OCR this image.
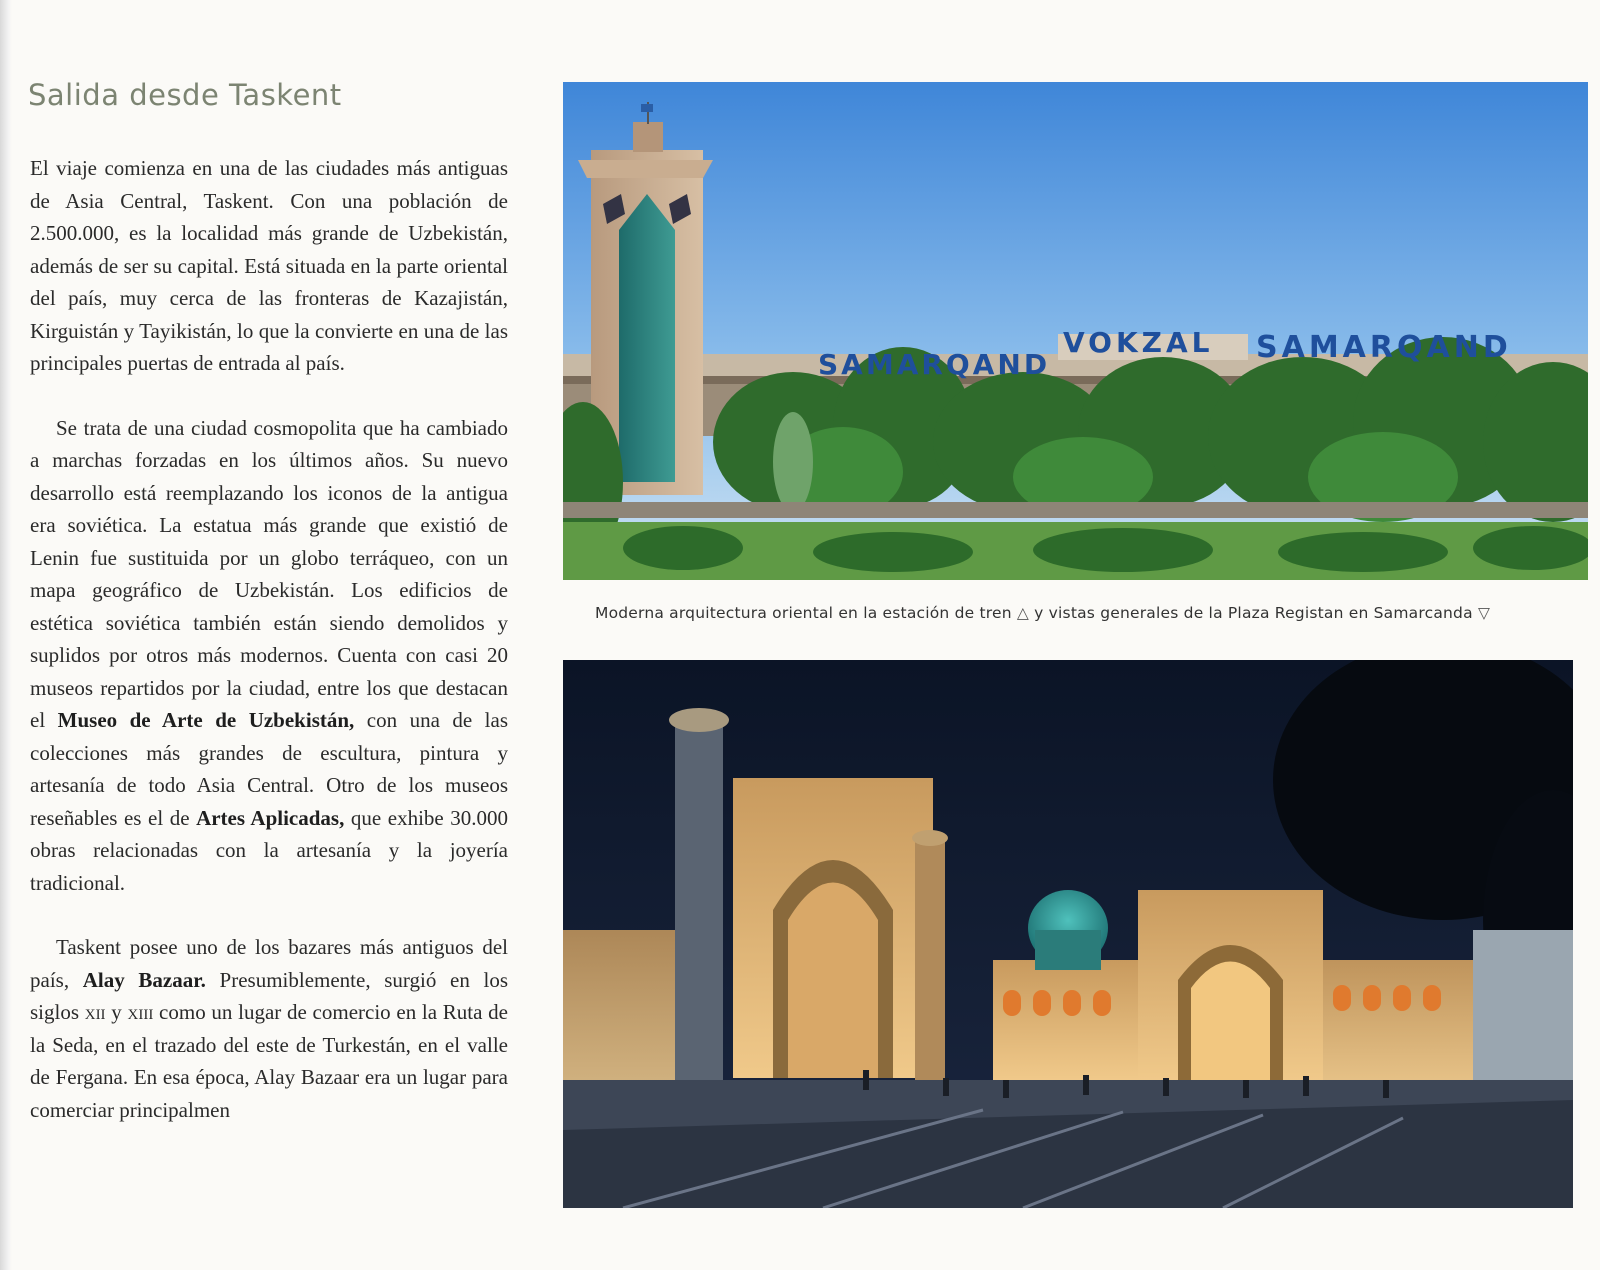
Salida desde Taskent

El viaje comienza en una de las ciudades más antiguas de Asia Central, Taskent. Con una población de 2.500.000, es la localidad más grande de Uzbekistán, además de ser su capital. Está situada en la parte oriental del país, muy cerca de las fronteras de Kazajistán, Kirguistán y Tayikistán, lo que la convierte en una de las principales puertas de entrada al país.

Se trata de una ciudad cosmopolita que ha cambiado a marchas forzadas en los últimos años. Su nuevo desarrollo está reemplazando los iconos de la antigua era soviética. La estatua más grande que existió de Lenin fue sustituida por un globo terráqueo, con un mapa geográfico de Uzbekistán. Los edificios de estética soviética también están siendo demolidos y suplidos por otros más modernos. Cuenta con casi 20 museos repartidos por la ciudad, entre los que destacan el Museo de Arte de Uzbekistán, con una de las colecciones más grandes de escultura, pintura y artesanía de todo Asia Central. Otro de los museos reseñables es el de Artes Aplicadas, que exhibe 30.000 obras relacionadas con la artesanía y la joyería tradicional.

Taskent posee uno de los bazares más antiguos del país, Alay Bazaar. Presumiblemente, surgió en los siglos xii y xiii como un lugar de comercio en la Ruta de la Seda, en el trazado del este de Turkestán, en el valle de Fergana. En esa época, Alay Bazaar era un lugar para comerciar principalmen

SAMARQAND
VOKZAL SAMARQAND
Moderna arquitectura oriental en la estación de tren △ y vistas generales de la Plaza Registan en Samarcanda ▽
